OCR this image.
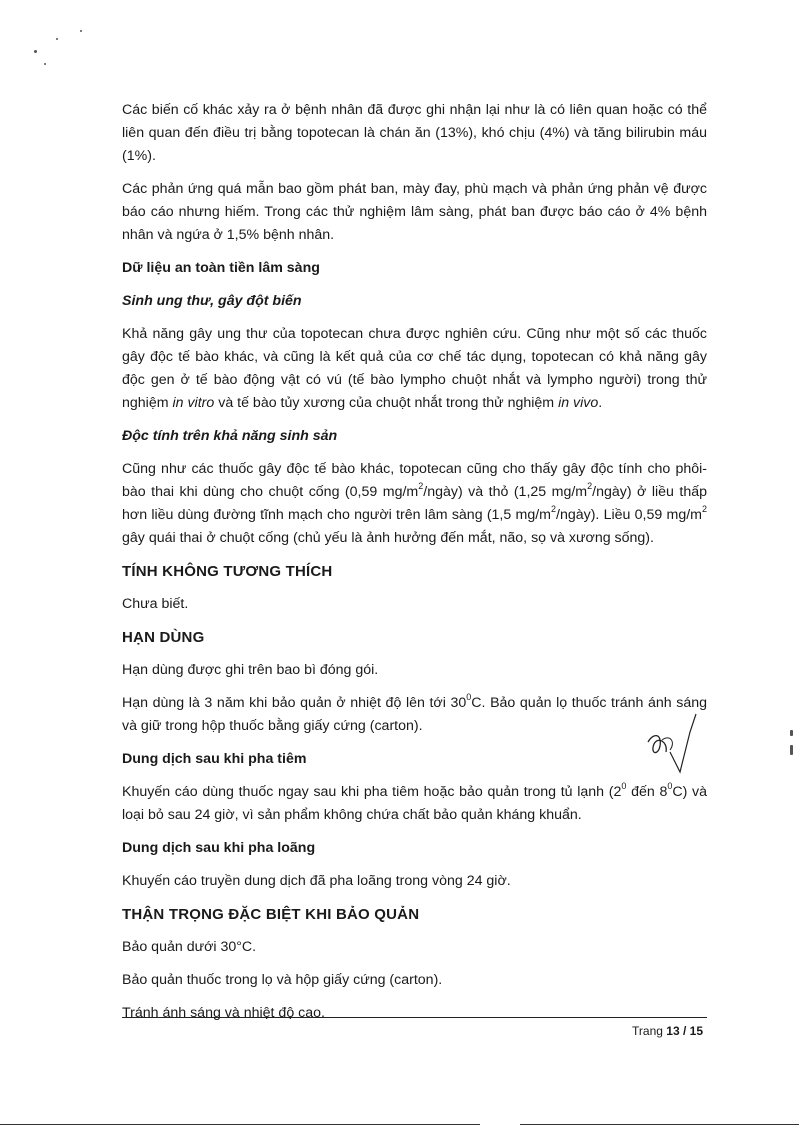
Các biến cố khác xảy ra ở bệnh nhân đã được ghi nhận lại như là có liên quan hoặc có thể liên quan đến điều trị bằng topotecan là chán ăn (13%), khó chịu (4%) và tăng bilirubin máu (1%).

Các phản ứng quá mẫn bao gồm phát ban, mày đay, phù mạch và phản ứng phản vệ được báo cáo nhưng hiếm. Trong các thử nghiệm lâm sàng, phát ban được báo cáo ở 4% bệnh nhân và ngứa ở 1,5% bệnh nhân.

Dữ liệu an toàn tiền lâm sàng
Sinh ung thư, gây đột biến

Khả năng gây ung thư của topotecan chưa được nghiên cứu. Cũng như một số các thuốc gây độc tế bào khác, và cũng là kết quả của cơ chế tác dụng, topotecan có khả năng gây độc gen ở tế bào động vật có vú (tế bào lympho chuột nhắt và lympho người) trong thử nghiệm in vitro và tế bào tủy xương của chuột nhắt trong thử nghiệm in vivo.

Độc tính trên khả năng sinh sản

Cũng như các thuốc gây độc tế bào khác, topotecan cũng cho thấy gây độc tính cho phôi-bào thai khi dùng cho chuột cống (0,59 $mg/m^2/ngày$) và thỏ (1,25 $mg/m^2/ngày$) ở liều thấp hơn liều dùng đường tĩnh mạch cho người trên lâm sàng (1,5 $mg/m^2/ngày$). Liều 0,59 $mg/m^2$ gây quái thai ở chuột cống (chủ yếu là ảnh hưởng đến mắt, não, sọ và xương sống).

TÍNH KHÔNG TƯƠNG THÍCH

Chưa biết.

HẠN DÙNG

Hạn dùng được ghi trên bao bì đóng gói.

Hạn dùng là 3 năm khi bảo quản ở nhiệt độ lên tới $30^0C$. Bảo quản lọ thuốc tránh ánh sáng và giữ trong hộp thuốc bằng giấy cứng (carton).

Dung dịch sau khi pha tiêm

Khuyến cáo dùng thuốc ngay sau khi pha tiêm hoặc bảo quản trong tủ lạnh ($2^0$ đến $8^0C$) và loại bỏ sau 24 giờ, vì sản phẩm không chứa chất bảo quản kháng khuẩn.

Dung dịch sau khi pha loãng

Khuyến cáo truyền dung dịch đã pha loãng trong vòng 24 giờ.

THẬN TRỌNG ĐẶC BIỆT KHI BẢO QUẢN

Bảo quản dưới 30°C.

Bảo quản thuốc trong lọ và hộp giấy cứng (carton).

Tránh ánh sáng và nhiệt độ cao.

Trang 13 / 15
